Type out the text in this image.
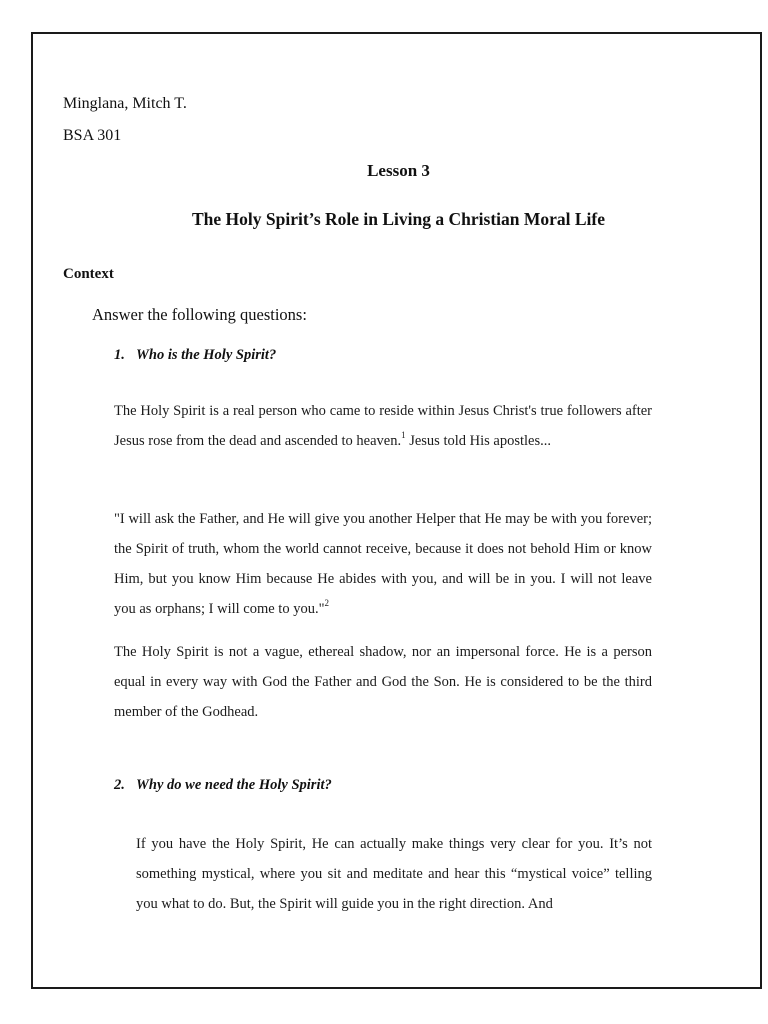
Minglana, Mitch T.

BSA 301

Lesson 3

The Holy Spirit’s Role in Living a Christian Moral Life

Context

Answer the following questions:

1. Who is the Holy Spirit?

The Holy Spirit is a real person who came to reside within Jesus Christ's true followers after Jesus rose from the dead and ascended to heaven.$^1$ Jesus told His apostles...

"I will ask the Father, and He will give you another Helper that He may be with you forever; the Spirit of truth, whom the world cannot receive, because it does not behold Him or know Him, but you know Him because He abides with you, and will be in you. I will not leave you as orphans; I will come to you."$^2$

The Holy Spirit is not a vague, ethereal shadow, nor an impersonal force. He is a person equal in every way with God the Father and God the Son. He is considered to be the third member of the Godhead.

2. Why do we need the Holy Spirit?

If you have the Holy Spirit, He can actually make things very clear for you. It’s not something mystical, where you sit and meditate and hear this “mystical voice” telling you what to do. But, the Spirit will guide you in the right direction. And
